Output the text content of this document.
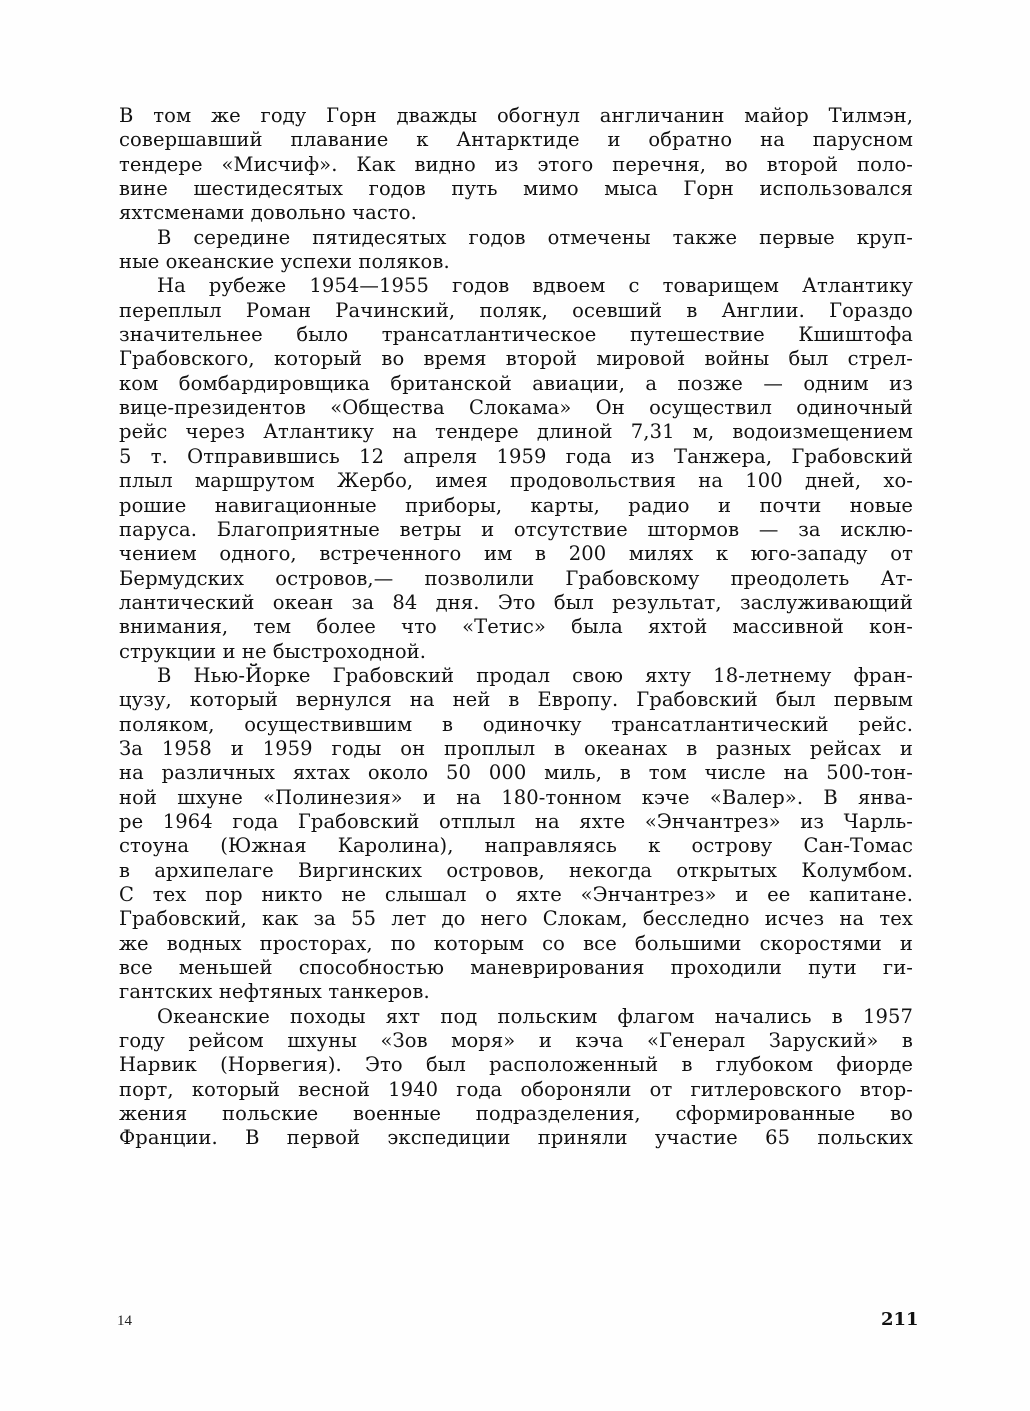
В том же году Горн дважды обогнул англичанин майор Тилмэн,
совершавший плавание к Антарктиде и обратно на парусном
тендере «Мисчиф». Как видно из этого перечня, во второй поло-
вине шестидесятых годов путь мимо мыса Горн использовался
яхтсменами довольно часто.
В середине пятидесятых годов отмечены также первые круп-
ные океанские успехи поляков.
На рубеже 1954—1955 годов вдвоем с товарищем Атлантику
переплыл Роман Рачинский, поляк, осевший в Англии. Гораздо
значительнее было трансатлантическое путешествие Кшиштофа
Грабовского, который во время второй мировой войны был стрел-
ком бомбардировщика британской авиации, а позже — одним из
вице-президентов «Общества Слокама» Он осуществил одиночный
рейс через Атлантику на тендере длиной 7,31 м, водоизмещением
5 т. Отправившись 12 апреля 1959 года из Танжера, Грабовский
плыл маршрутом Жербо, имея продовольствия на 100 дней, хо-
рошие навигационные приборы, карты, радио и почти новые
паруса. Благоприятные ветры и отсутствие штормов — за исклю-
чением одного, встреченного им в 200 милях к юго-западу от
Бермудских островов,— позволили Грабовскому преодолеть Ат-
лантический океан за 84 дня. Это был результат, заслуживающий
внимания, тем более что «Тетис» была яхтой массивной кон-
струкции и не быстроходной.
В Нью-Йорке Грабовский продал свою яхту 18-летнему фран-
цузу, который вернулся на ней в Европу. Грабовский был первым
поляком, осуществившим в одиночку трансатлантический рейс.
За 1958 и 1959 годы он проплыл в океанах в разных рейсах и
на различных яхтах около 50 000 миль, в том числе на 500-тон-
ной шхуне «Полинезия» и на 180-тонном кэче «Валер». В янва-
ре 1964 года Грабовский отплыл на яхте «Энчантрез» из Чарль-
стоуна (Южная Каролина), направляясь к острову Сан-Томас
в архипелаге Виргинских островов, некогда открытых Колумбом.
С тех пор никто не слышал о яхте «Энчантрез» и ее капитане.
Грабовский, как за 55 лет до него Слокам, бесследно исчез на тех
же водных просторах, по которым со все большими скоростями и
все меньшей способностью маневрирования проходили пути ги-
гантских нефтяных танкеров.
Океанские походы яхт под польским флагом начались в 1957
году рейсом шхуны «Зов моря» и кэча «Генерал Заруский» в
Нарвик (Норвегия). Это был расположенный в глубоком фиорде
порт, который весной 1940 года обороняли от гитлеровского втор-
жения польские военные подразделения, сформированные во
Франции. В первой экспедиции приняли участие 65 польских
14	211
